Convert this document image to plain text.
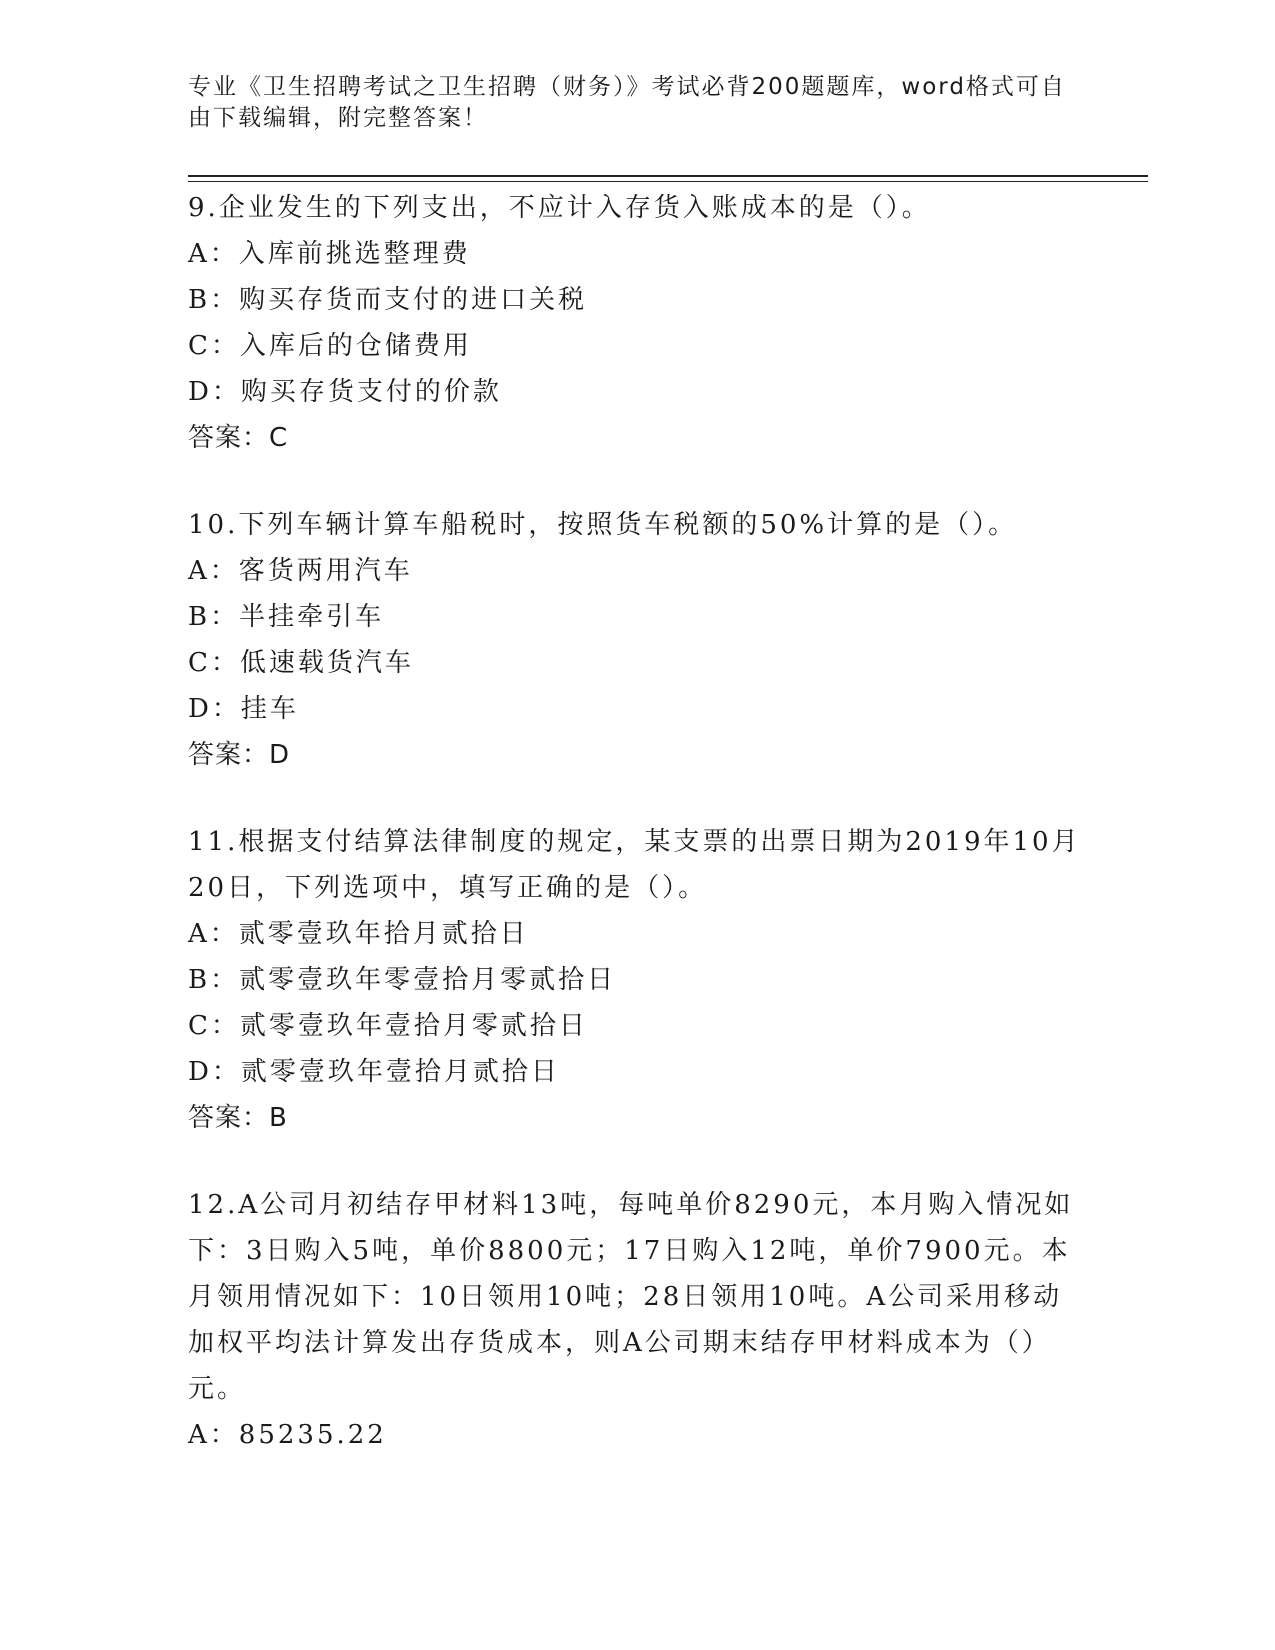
专业《卫生招聘考试之卫生招聘（财务）》考试必背200题题库，word格式可自
由下载编辑，附完整答案！
9.企业发生的下列支出，不应计入存货入账成本的是（）。
A：入库前挑选整理费
B：购买存货而支付的进口关税
C：入库后的仓储费用
D：购买存货支付的价款
答案：C
10.下列车辆计算车船税时，按照货车税额的50%计算的是（）。
A：客货两用汽车
B：半挂牵引车
C：低速载货汽车
D：挂车
答案：D
11.根据支付结算法律制度的规定，某支票的出票日期为2019年10月
20日，下列选项中，填写正确的是（）。
A：贰零壹玖年拾月贰拾日
B：贰零壹玖年零壹拾月零贰拾日
C：贰零壹玖年壹拾月零贰拾日
D：贰零壹玖年壹拾月贰拾日
答案：B
12.A公司月初结存甲材料13吨，每吨单价8290元，本月购入情况如
下：3日购入5吨，单价8800元；17日购入12吨，单价7900元。本
月领用情况如下：10日领用10吨；28日领用10吨。A公司采用移动
加权平均法计算发出存货成本，则A公司期末结存甲材料成本为（）
元。
A：85235.22
